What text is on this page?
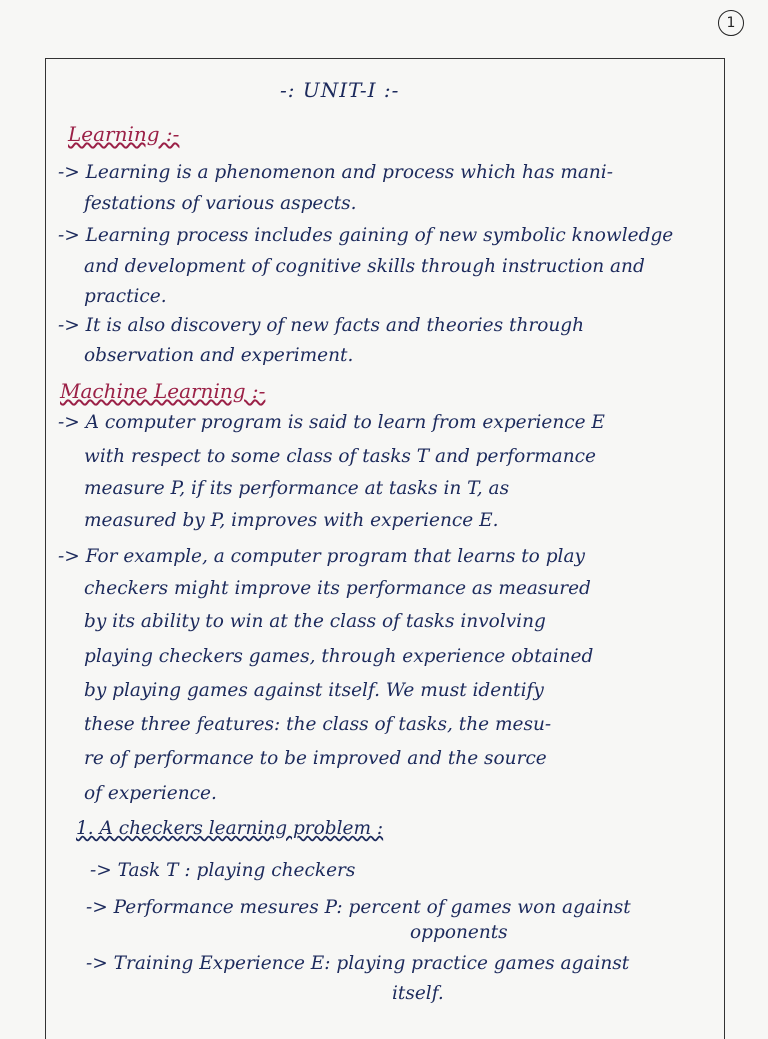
1
-: UNIT-I :-
Learning :-
-> Learning is a phenomenon and process which has mani-
festations of various aspects.
-> Learning process includes gaining of new symbolic knowledge
and development of cognitive skills through instruction and
practice.
-> It is also discovery of new facts and theories through
observation and experiment.
Machine Learning :-
-> A computer program is said to learn from experience E
with respect to some class of tasks T and performance
measure P, if its performance at tasks in T, as
measured by P, improves with experience E.
-> For example, a computer program that learns to play
checkers might improve its performance as measured
by its ability to win at the class of tasks involving
playing checkers games, through experience obtained
by playing games against itself. We must identify
these three features: the class of tasks, the mesu-
re of performance to be improved and the source
of experience.
1. A checkers learning problem :
-> Task T : playing checkers
-> Performance mesures P: percent of games won against
opponents
-> Training Experience E: playing practice games against
itself.
